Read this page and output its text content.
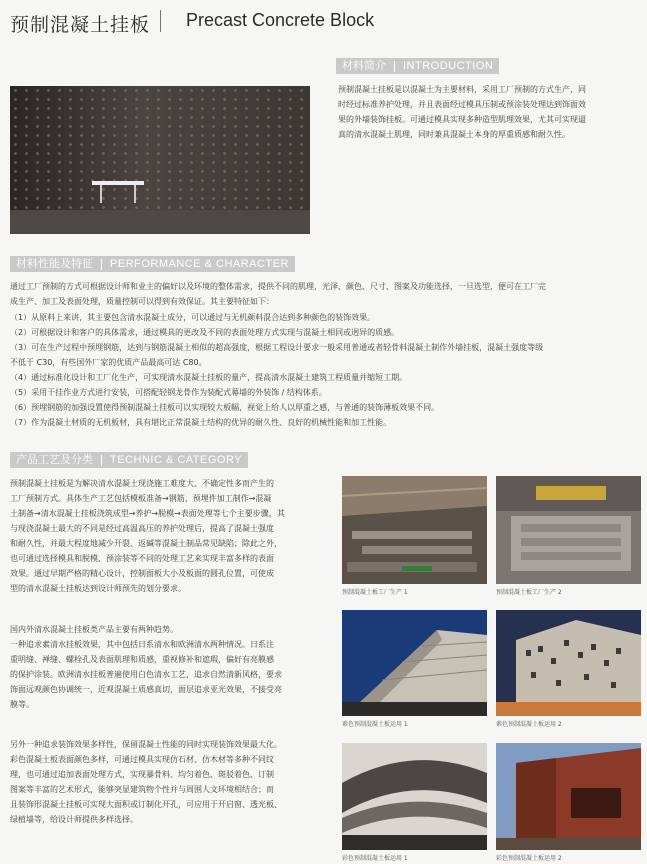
预制混凝土挂板 Precast Concrete Block
材料简介 INTRODUCTION
预制混凝土挂板是以混凝土为主要材料，采用工厂预制的方式生产，同
时经过标准养护处理，并且表面经过模具压制或预涂装处理达到饰面效
果的外墙装饰挂板。可通过模具实现多种造型肌理效果，尤其可实现逼
真的清水混凝土肌理，同时兼具混凝土本身的厚重质感和耐久性。
材料性能及特征 PERFORMANCE & CHARACTER
通过工厂预制的方式可根据设计师和业主的偏好以及环境的整体需求，提供不同的肌理、光泽、颜色、尺寸、图案及功能选择，一旦选型，便可在工厂完
成生产、加工及表面处理，质量控制可以得到有效保证。其主要特征如下：
（1）从原料上来讲，其主要包含清水混凝土成分，可以通过与无机颜料混合达到多种颜色的装饰效果。
（2）可根据设计和客户的具体需求，通过模具的更改及不同的表面处理方式实现与混凝土相同或迥异的质感。
（3）可在生产过程中预埋钢筋，达到与钢筋混凝土相似的超高强度，根据工程设计要求一般采用普通或者轻骨料混凝土制作外墙挂板，混凝土强度等级
不低于 C30，有些国外厂家的优质产品最高可达 C80。
（4）通过标准化设计和工厂化生产，可实现清水混凝土挂板的量产，提高清水混凝土建筑工程质量并缩短工期。
（5）采用干挂作业方式进行安装，可搭配轻钢龙骨作为装配式幕墙的外装饰 / 结构体系。
（6）预埋钢筋的加强设置使得预制混凝土挂板可以实现较大板幅，视觉上给人以厚重之感，与普通的装饰薄板效果不同。
（7）作为混凝土材质的无机板材，具有堪比正常混凝土结构的优异的耐久性、良好的机械性能和加工性能。
产品工艺及分类 TECHNIC & CATEGORY
预制混凝土挂板是为解决清水混凝土现浇施工难度大、不确定性多而产生的
工厂预制方式。具体生产工艺包括模板准备→钢筋、预埋件加工制作→混凝
土制备→清水混凝土挂板浇筑成型→养护→脱模→表面处理等七个主要步骤，其
与现浇混凝土最大的不同是经过高温高压的养护处理后，提高了混凝土强度
和耐久性，并最大程度地减少开裂、返碱等混凝土制品常见缺陷；除此之外，
也可通过选择模具和脱模、预涂装等不同的处理工艺来实现丰富多样的表面
效果。通过早期严格的精心设计，控制面板大小及板面的圆孔位置，可使成
型的清水混凝土挂板达到设计师预先的划分要求。
国内外清水混凝土挂板类产品主要有两种趋势。
一种追求素清水挂板效果，其中包括日系清水和欧洲清水两种情况。日系注
重明缝、禅缝、螺栓孔及表面肌理和质感，重视修补和遮瑕，偏好有亮膜感
的保护涂装。欧洲清水挂板普遍使用白色清水工艺，追求自然清新风格，要求
饰面远观颜色协调统一，近观混凝土质感真切，面层追求亚光效果，不接受亮
膜等。
另外一种追求装饰效果多样性，保留混凝土性能的同时实现装饰效果最大化。
彩色混凝土板表面颜色多样，可通过模具实现仿石材、仿木材等多种不同纹
理，也可通过追加表面处理方式，实现暴骨料、均匀着色、斑驳着色、订制
图案等丰富的艺术形式，能够突显建筑物个性并与周围人文环境相结合；而
且装饰形混凝土挂板可实现大面积或订制化开孔，可应用于开启窗、透光板、
绿植墙等，给设计师提供多样选择。
预制混凝土板工厂生产 1	预制混凝土板工厂生产 2
素色预制混凝土板运用 1	素色预制混凝土板运用 2
彩色预制混凝土板运用 1	彩色预制混凝土板运用 2
